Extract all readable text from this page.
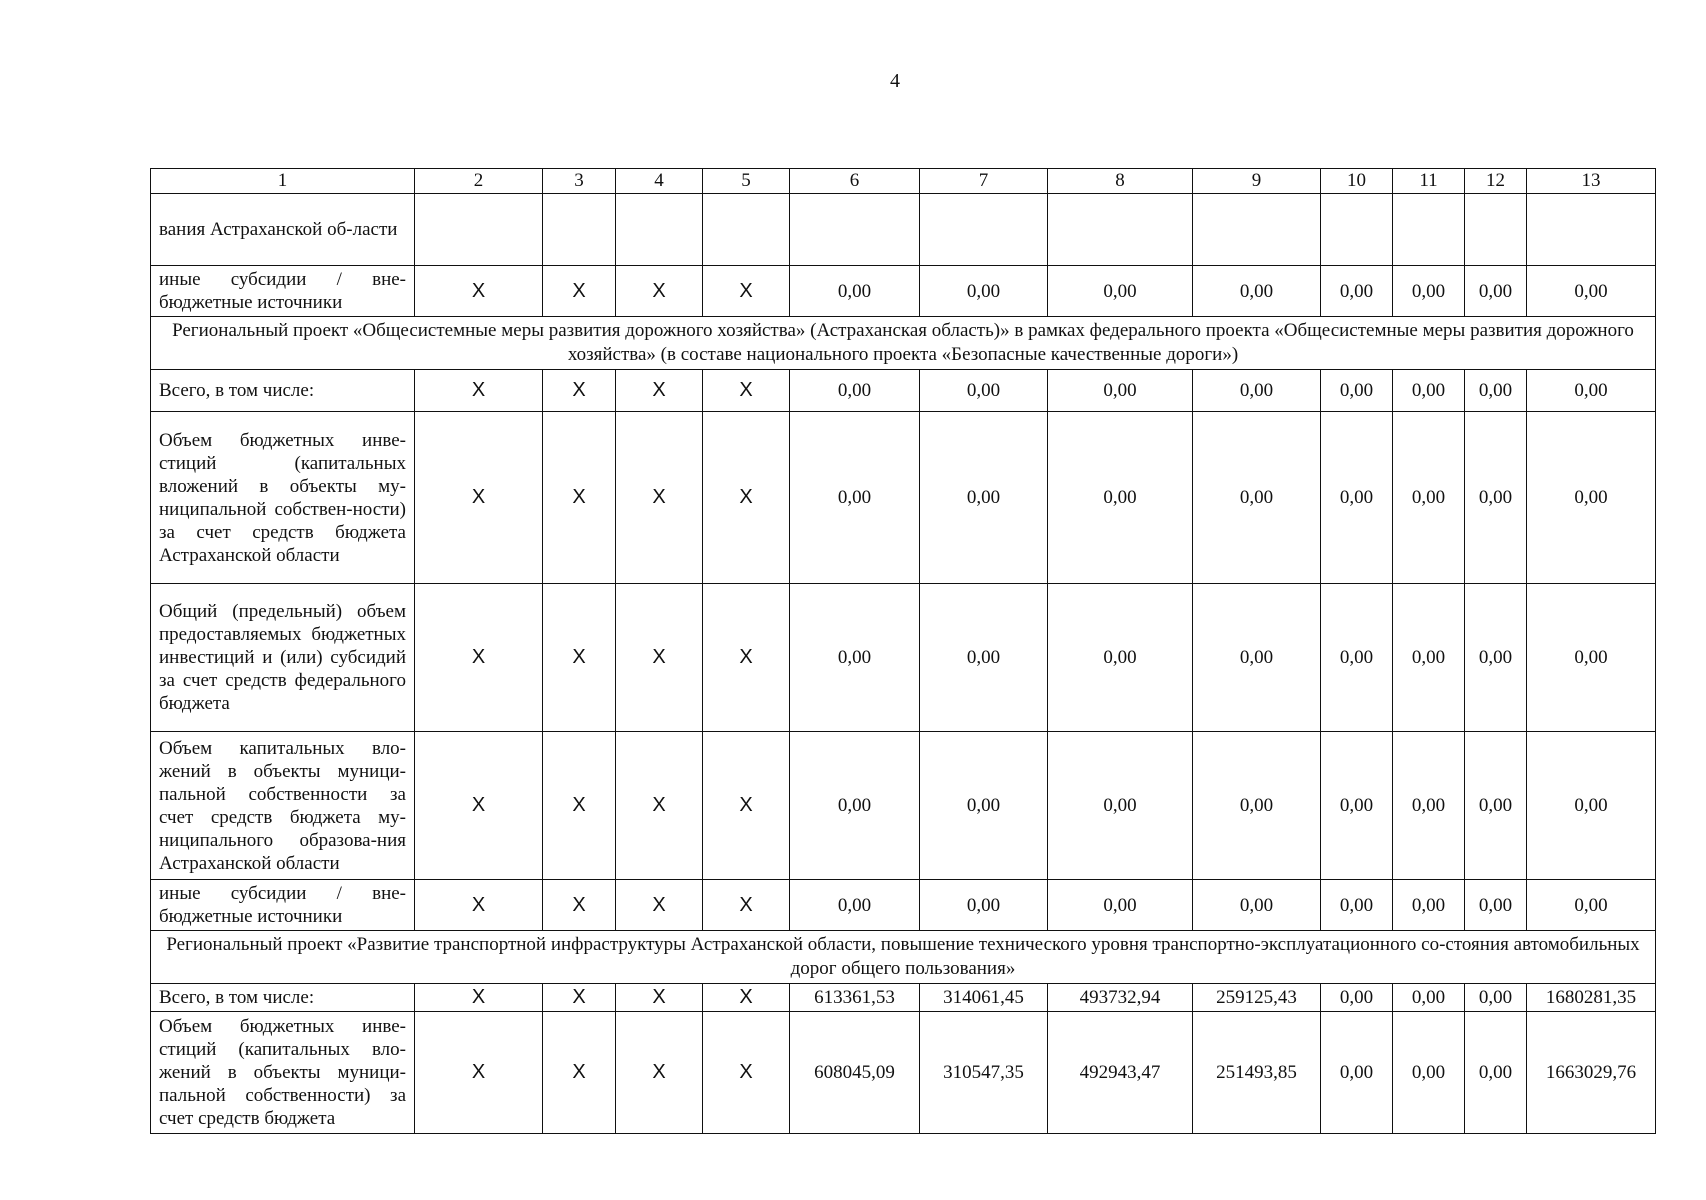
4
1	2	3	4	5	6	7	8	9	10	11	12	13
вания Астраханской об-ласти												
иные субсидии / вне-бюджетные источники	X	X	X	X	0,00	0,00	0,00	0,00	0,00	0,00	0,00	0,00
Региональный проект «Общесистемные меры развития дорожного хозяйства» (Астраханская область)» в рамках федерального проекта «Общесистемные меры развития дорожного хозяйства» (в составе национального проекта «Безопасные качественные дороги»)												
Всего, в том числе:	X	X	X	X	0,00	0,00	0,00	0,00	0,00	0,00	0,00	0,00
Объем бюджетных инве-стиций (капитальных вложений в объекты му-ниципальной собствен-ности) за счет средств бюджета Астраханской области	X	X	X	X	0,00	0,00	0,00	0,00	0,00	0,00	0,00	0,00
Общий (предельный) объем предоставляемых бюджетных инвестиций и (или) субсидий за счет средств федерального бюджета	X	X	X	X	0,00	0,00	0,00	0,00	0,00	0,00	0,00	0,00
Объем капитальных вло-жений в объекты муници-пальной собственности за счет средств бюджета му-ниципального образова-ния Астраханской области	X	X	X	X	0,00	0,00	0,00	0,00	0,00	0,00	0,00	0,00
иные субсидии / вне-бюджетные источники	X	X	X	X	0,00	0,00	0,00	0,00	0,00	0,00	0,00	0,00
Региональный проект «Развитие транспортной инфраструктуры Астраханской области, повышение технического уровня транспортно-эксплуатационного со-стояния автомобильных дорог общего пользования»												
Всего, в том числе:	X	X	X	X	613361,53	314061,45	493732,94	259125,43	0,00	0,00	0,00	1680281,35
Объем бюджетных инве-стиций (капитальных вло-жений в объекты муници-пальной собственности) за счет средств бюджета	X	X	X	X	608045,09	310547,35	492943,47	251493,85	0,00	0,00	0,00	1663029,76
